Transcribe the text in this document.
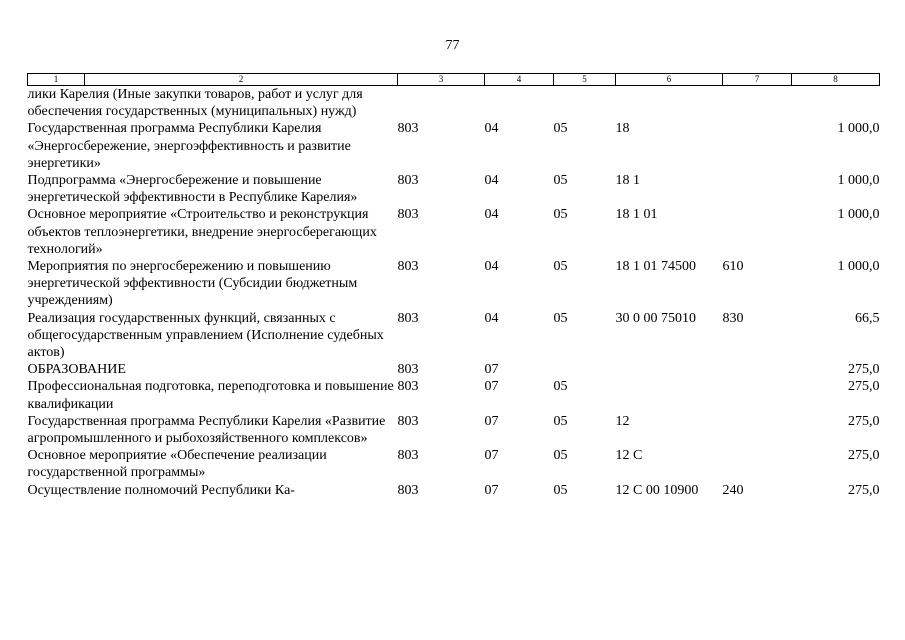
77
1	2	3	4	5	6	7	8
лики Карелия (Иные закупки товаров, работ и услуг для обеспечения государственных (муниципальных) нужд)							
Государственная программа Республики Карелия «Энергосбережение, энергоэффективность и развитие энергетики»		803	04	05	18		1 000,0
Подпрограмма «Энергосбережение и повышение энергетической эффективности в Республике Карелия»		803	04	05	18 1		1 000,0
Основное мероприятие «Строительство и реконструкция объектов теплоэнергетики, внедрение энергосберегающих технологий»		803	04	05	18 1 01		1 000,0
Мероприятия по энергосбережению и повышению энергетической эффективности (Субсидии бюджетным учреждениям)		803	04	05	18 1 01 74500	610	1 000,0
Реализация государственных функций, связанных с общегосударственным управлением (Исполнение судебных актов)		803	04	05	30 0 00 75010	830	66,5
ОБРАЗОВАНИЕ		803	07				275,0
Профессиональная подготовка, переподготовка и повышение квалификации		803	07	05			275,0
Государственная программа Республики Карелия «Развитие агропромышленного и рыбохозяйственного комплексов»		803	07	05	12		275,0
Основное мероприятие «Обеспечение реализации государственной программы»		803	07	05	12 С		275,0
Осуществление полномочий Республики Ка-		803	07	05	12 С 00 10900	240	275,0
